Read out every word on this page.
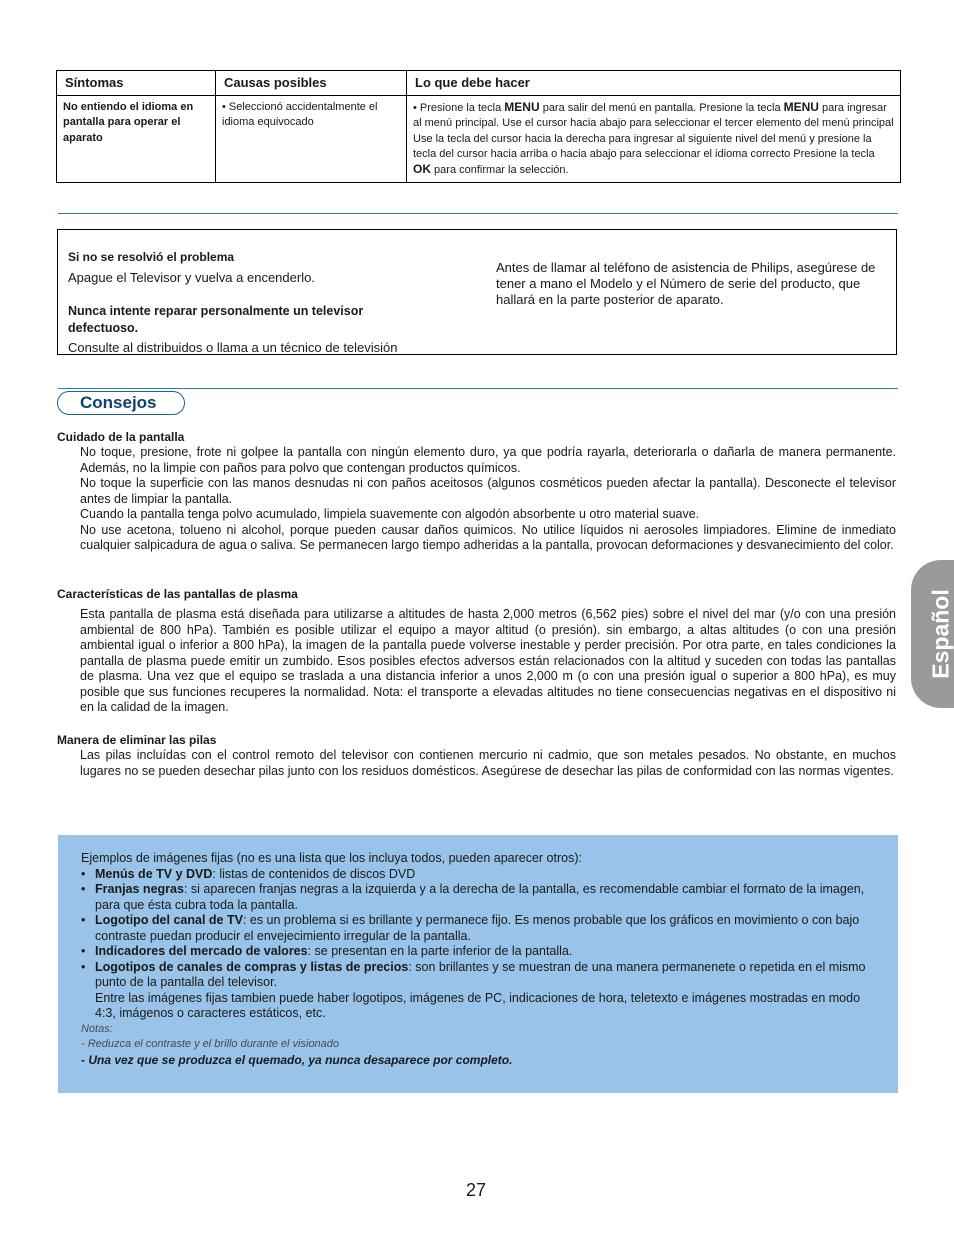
Síntomas	Causas posibles	Lo que debe hacer
No entiendo el idioma en pantalla para operar el aparato	• Seleccionó accidentalmente el idioma equivocado	• Presione la tecla MENU para salir del menú en pantalla. Presione la tecla MENU para ingresar al menú principal. Use el cursor hacia abajo para seleccionar el tercer elemento del menú principal Use la tecla del cursor hacia la derecha para ingresar al siguiente nivel del menú y presione la tecla del cursor hacia arriba o hacia abajo para seleccionar el idioma correcto Presione la tecla OK para confirmar la selección.
Si no se resolvió el problema
Apague el Televisor y vuelva a encenderlo.
Nunca intente reparar personalmente un televisor defectuoso.
Consulte al distribuidos o llama a un técnico de televisión
Antes de llamar al teléfono de asistencia de Philips, asegúrese de tener a mano el Modelo y el Número de serie del producto, que hallará en la parte posterior de aparato.
Español
Consejos
Cuidado de la pantalla

No toque, presione, frote ni golpee la pantalla con ningún elemento duro, ya que podría rayarla, deteriorarla o dañarla de manera permanente. Además, no la limpie con paños para polvo que contengan productos químicos.

No toque la superficie con las manos desnudas ni con paños aceitosos (algunos cosméticos pueden afectar la pantalla). Desconecte el televisor antes de limpiar la pantalla.

Cuando la pantalla tenga polvo acumulado, limpiela suavemente con algodón absorbente u otro material suave.

No use acetona, tolueno ni alcohol, porque pueden causar daños quimicos. No utilice líquidos ni aerosoles limpiadores. Elimine de inmediato cualquier salpicadura de agua o saliva. Se permanecen largo tiempo adheridas a la pantalla, provocan deformaciones y desvanecimiento del color.

Características de las pantallas de plasma
Esta pantalla de plasma está diseñada para utilizarse a altitudes de hasta 2,000 metros (6,562 pies) sobre el nivel del mar (y/o con una presión ambiental de 800 hPa). También es posible utilizar el equipo a mayor altitud (o presión). sin embargo, a altas altitudes (o con una presión ambiental igual o inferior a 800 hPa), la imagen de la pantalla puede volverse inestable y perder precisión. Por otra parte, en tales condiciones la pantalla de plasma puede emitir un zumbido. Esos posibles efectos adversos están relacionados con la altitud y suceden con todas las pantallas de plasma. Una vez que el equipo se traslada a una distancia inferior a unos 2,000 m (o con una presión igual o superior a 800 hPa), es muy posible que sus funciones recuperes la normalidad. Nota: el transporte a elevadas altitudes no tiene consecuencias negativas en el dispositivo ni en la calidad de la imagen.
Manera de eliminar las pilas
Las pilas incluídas con el control remoto del televisor con contienen mercurio ni cadmio, que son metales pesados. No obstante, en muchos lugares no se pueden desechar pilas junto con los residuos domésticos. Asegúrese de desechar las pilas de conformidad con las normas vigentes.
Ejemplos de imágenes fijas (no es una lista que los incluya todos, pueden aparecer otros):
• Menús de TV y DVD: listas de contenidos de discos DVD
• Franjas negras: si aparecen franjas negras a la izquierda y a la derecha de la pantalla, es recomendable cambiar el formato de la imagen, para que ésta cubra toda la pantalla.
• Logotipo del canal de TV: es un problema si es brillante y permanece fijo. Es menos probable que los gráficos en movimiento o con bajo contraste puedan producir el envejecimiento irregular de la pantalla.
• Indicadores del mercado de valores: se presentan en la parte inferior de la pantalla.
• Logotipos de canales de compras y listas de precios: son brillantes y se muestran de una manera permanenete o repetida en el mismo punto de la pantalla del televisor.
Entre las imágenes fijas tambien puede haber logotipos, imágenes de PC, indicaciones de hora, teletexto e imágenes mostradas en modo 4:3, imágenos o caracteres estáticos, etc.
Notas:
- Reduzca el contraste y el brillo durante el visionado
- Una vez que se produzca el quemado, ya nunca desaparece por completo.
27
